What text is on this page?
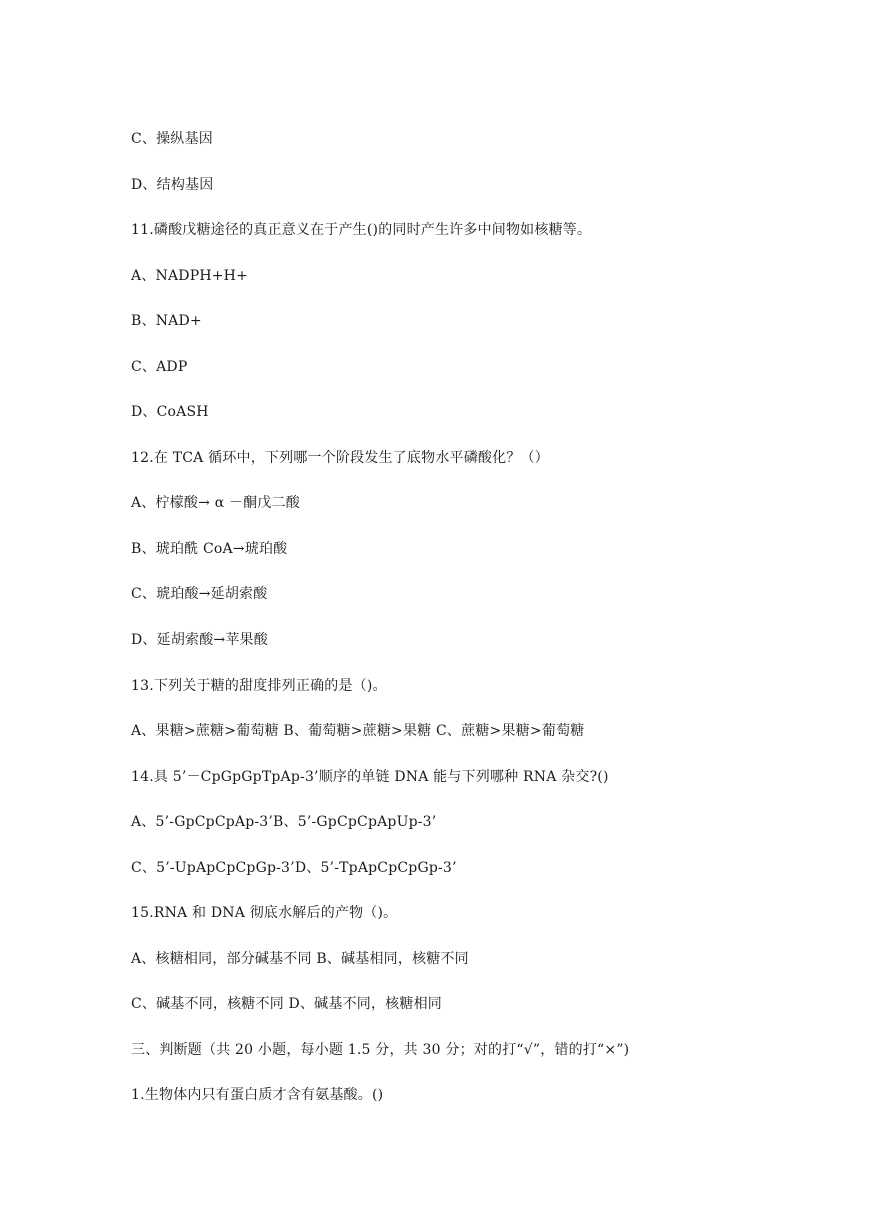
C、操纵基因
D、结构基因
11.磷酸戊糖途径的真正意义在于产生()的同时产生许多中间物如核糖等。
A、NADPH+H+
B、NAD+
C、ADP
D、CoASH
12.在 TCA 循环中，下列哪一个阶段发生了底物水平磷酸化？（）
A、柠檬酸→ α －酮戊二酸
B、琥珀酰 CoA→琥珀酸
C、琥珀酸→延胡索酸
D、延胡索酸→苹果酸
13.下列关于糖的甜度排列正确的是（)。
A、果糖>蔗糖>葡萄糖 B、葡萄糖>蔗糖>果糖 C、蔗糖>果糖>葡萄糖
14.具 5’－CpGpGpTpAp-3’顺序的单链 DNA 能与下列哪种 RNA 杂交?()
A、5’-GpCpCpAp-3’B、5’-GpCpCpApUp-3’
C、5’-UpApCpCpGp-3’D、5’-TpApCpCpGp-3’
15.RNA 和 DNA 彻底水解后的产物（)。
A、核糖相同，部分碱基不同 B、碱基相同，核糖不同
C、碱基不同，核糖不同 D、碱基不同，核糖相同
三、判断题（共 20 小题，每小题 1.5 分，共 30 分；对的打“√”，错的打“×”)
1.生物体内只有蛋白质才含有氨基酸。()
